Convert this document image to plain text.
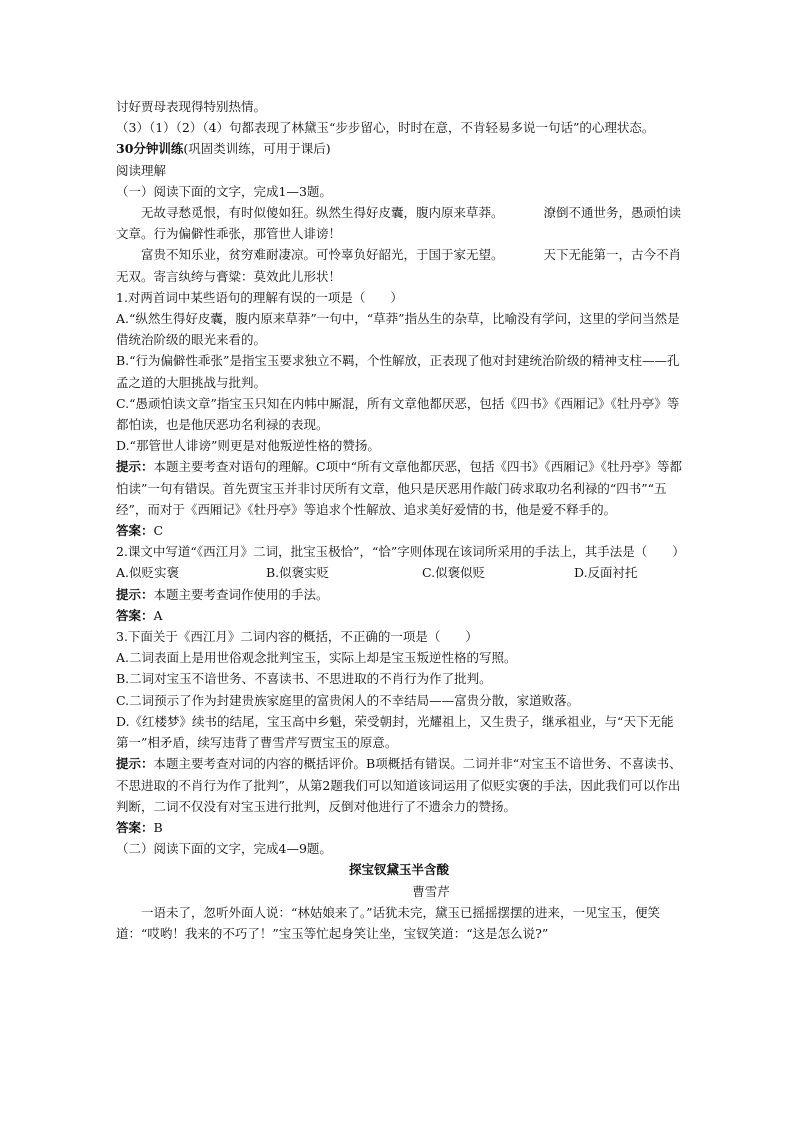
讨好贾母表现得特别热情。

（3）（1）（2）（4）句都表现了林黛玉“步步留心，时时在意，不肯轻易多说一句话”的心理状态。

30分钟训练(巩固类训练，可用于课后)

阅读理解

（一）阅读下面的文字，完成1—3题。

无故寻愁觅恨，有时似傻如狂。纵然生得好皮囊，腹内原来草莽。	潦倒不通世务，愚顽怕读文章。行为偏僻性乖张，那管世人诽谤！

富贵不知乐业，贫穷难耐凄凉。可怜辜负好韶光，于国于家无望。	天下无能第一，古今不肖无双。寄言纨绔与膏粱：莫效此儿形状！

1.对两首词中某些语句的理解有误的一项是（　　）

A.“纵然生得好皮囊，腹内原来草莽”一句中，“草莽”指丛生的杂草，比喻没有学问，这里的学问当然是借统治阶级的眼光来看的。

B.“行为偏僻性乖张”是指宝玉要求独立不羁，个性解放，正表现了他对封建统治阶级的精神支柱——孔孟之道的大胆挑战与批判。

C.“愚顽怕读文章”指宝玉只知在内帏中厮混，所有文章他都厌恶，包括《四书》《西厢记》《牡丹亭》等都怕读，也是他厌恶功名利禄的表现。

D.“那管世人诽谤”则更是对他叛逆性格的赞扬。

提示：本题主要考查对语句的理解。C项中“所有文章他都厌恶，包括《四书》《西厢记》《牡丹亭》等都怕读”一句有错误。首先贾宝玉并非讨厌所有文章，他只是厌恶用作敲门砖求取功名利禄的“四书”“五经”，而对于《西厢记》《牡丹亭》等追求个性解放、追求美好爱情的书，他是爱不释手的。

答案：C

2.课文中写道“《西江月》二词，批宝玉极恰”，“恰”字则体现在该词所采用的手法上，其手法是（　　）

A.似贬实褒	B.似褒实贬	C.似褒似贬	D.反面衬托

提示：本题主要考查词作使用的手法。

答案：A

3.下面关于《西江月》二词内容的概括，不正确的一项是（　　）

A.二词表面上是用世俗观念批判宝玉，实际上却是宝玉叛逆性格的写照。

B.二词对宝玉不谙世务、不喜读书、不思进取的不肖行为作了批判。

C.二词预示了作为封建贵族家庭里的富贵闲人的不幸结局——富贵分散，家道败落。

D.《红楼梦》续书的结尾，宝玉高中乡魁，荣受朝封，光耀祖上，又生贵子，继承祖业，与“天下无能第一”相矛盾，续写违背了曹雪芹写贾宝玉的原意。

提示：本题主要考查对词的内容的概括评价。B项概括有错误。二词并非“对宝玉不谙世务、不喜读书、不思进取的不肖行为作了批判”，从第2题我们可以知道该词运用了似贬实褒的手法，因此我们可以作出判断，二词不仅没有对宝玉进行批判，反倒对他进行了不遗余力的赞扬。

答案：B

（二）阅读下面的文字，完成4—9题。

探宝钗黛玉半含酸

曹雪芹

一语未了，忽听外面人说：“林姑娘来了。”话犹未完，黛玉已摇摇摆摆的进来，一见宝玉，便笑道：“哎哟！我来的不巧了！”宝玉等忙起身笑让坐，宝钗笑道：“这是怎么说?”
